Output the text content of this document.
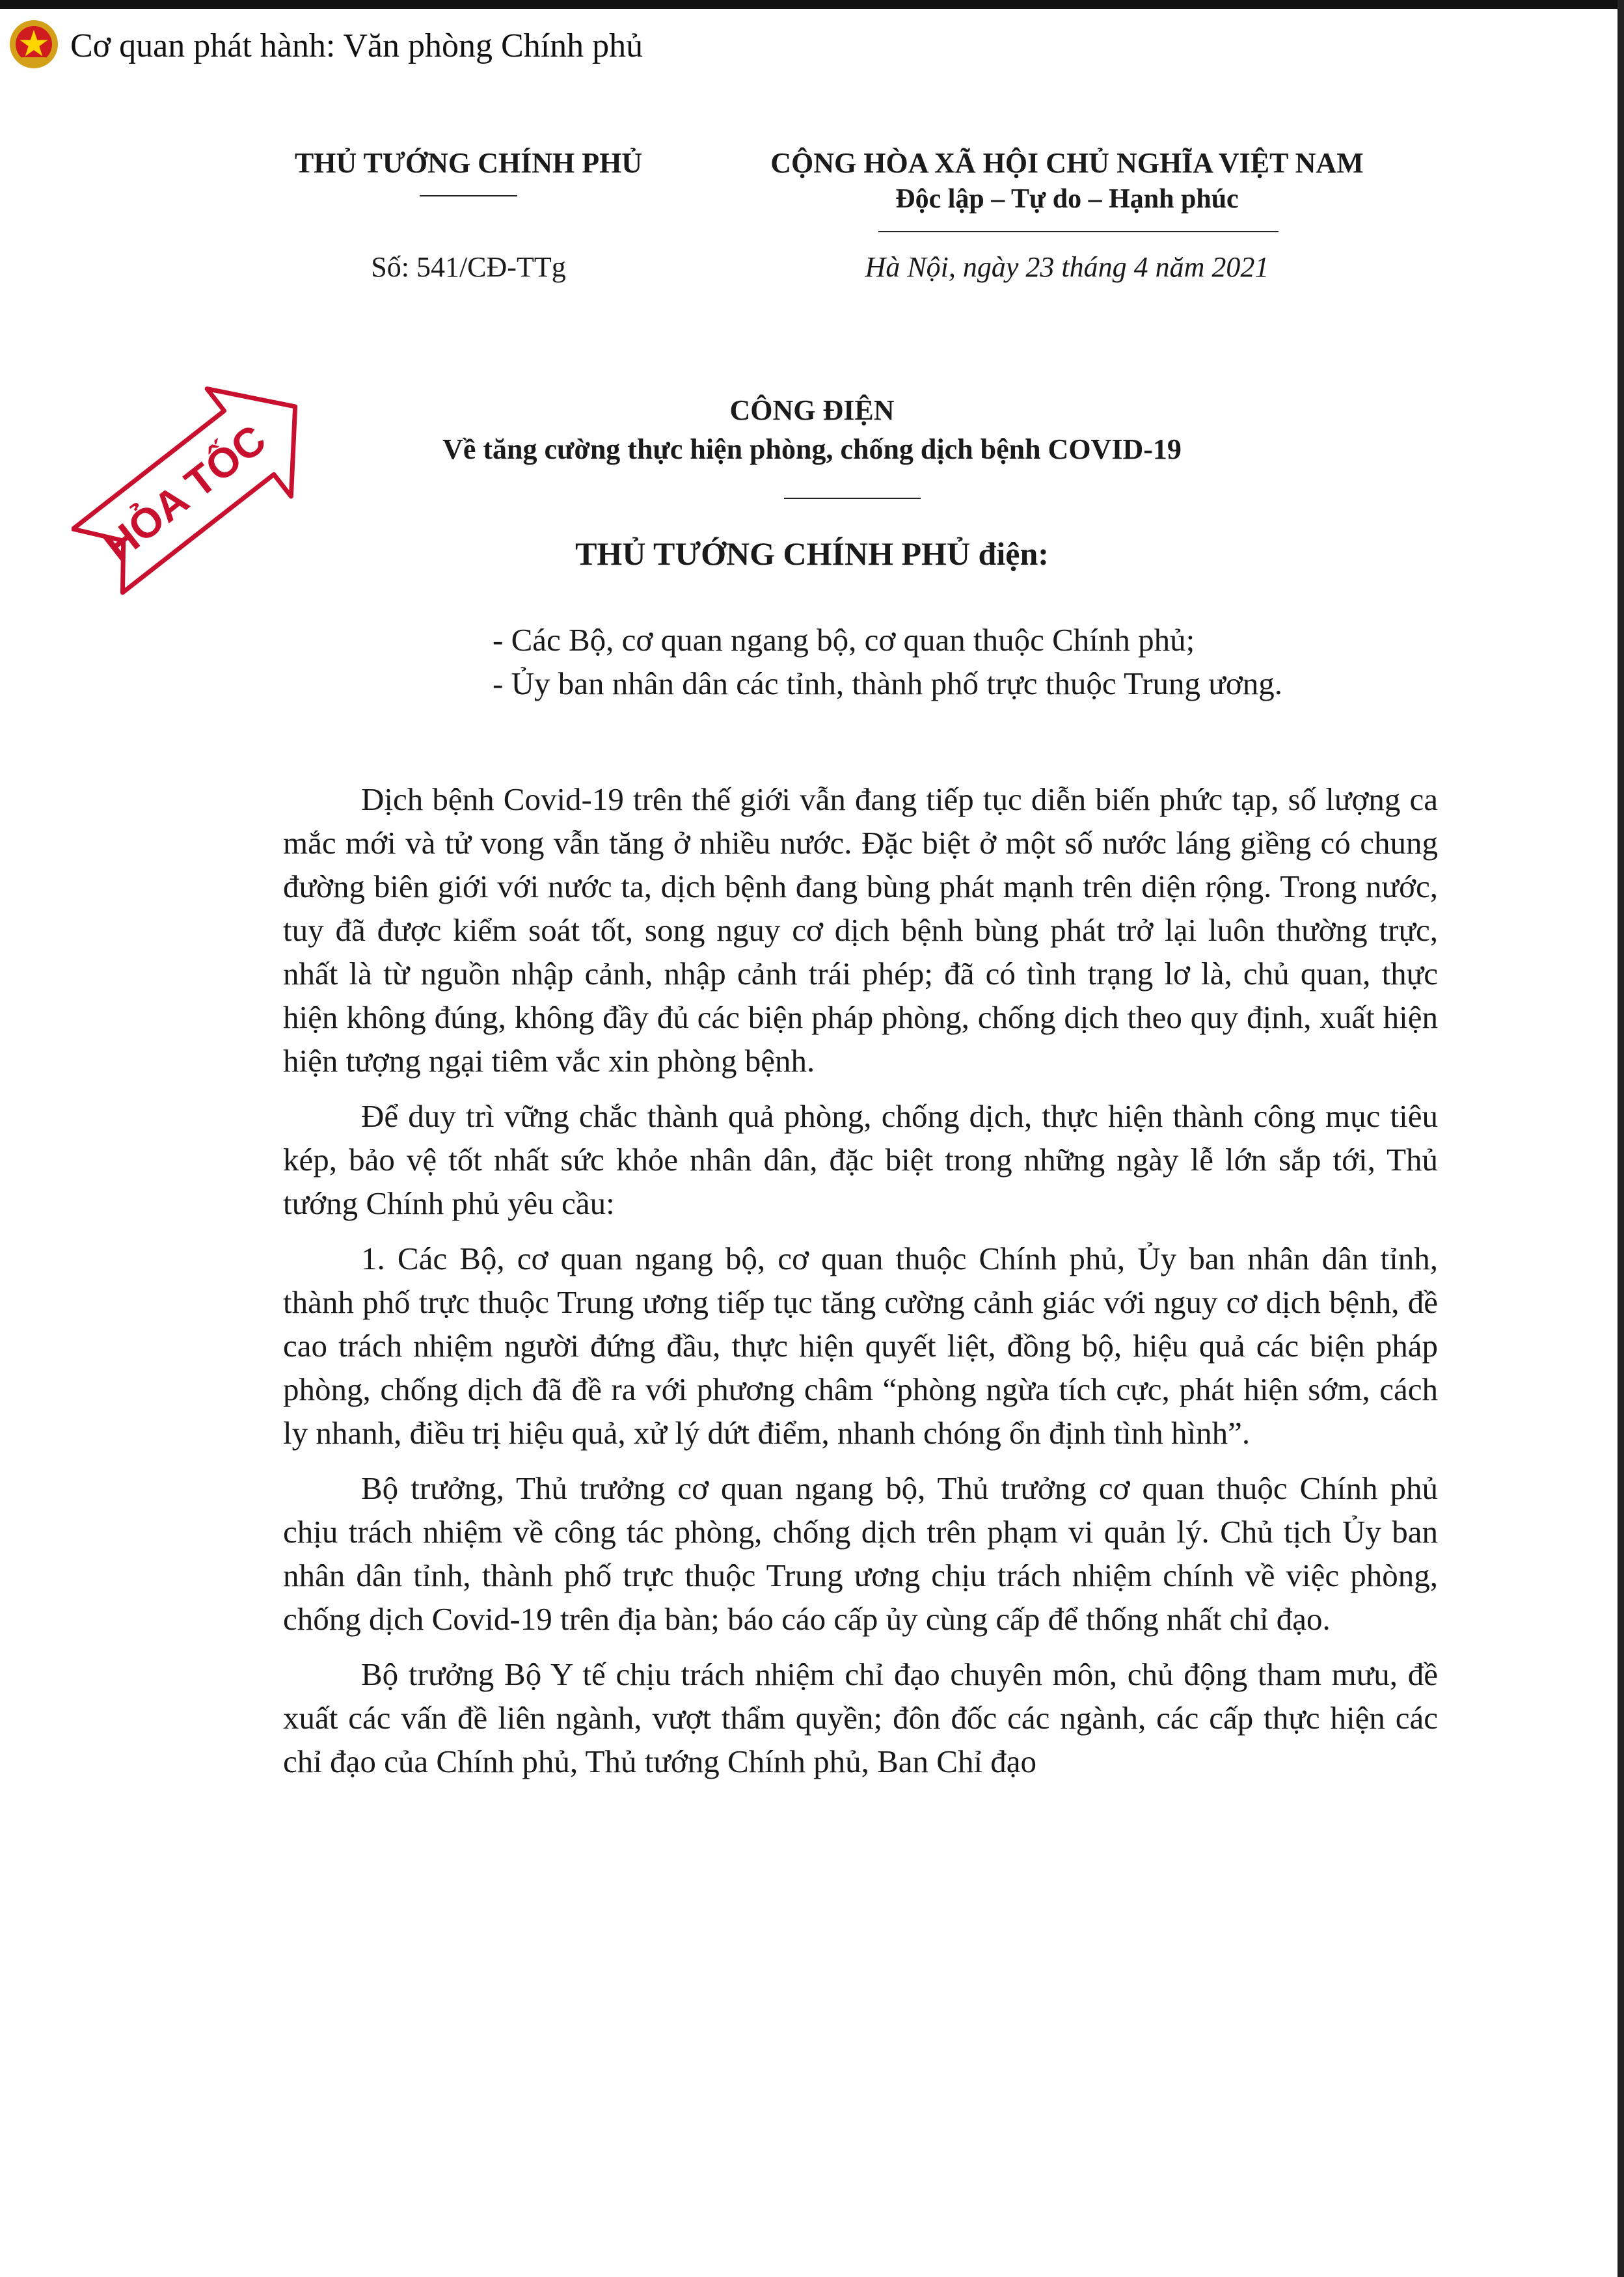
Cơ quan phát hành: Văn phòng Chính phủ
THỦ TƯỚNG CHÍNH PHỦ
Số: 541/CĐ-TTg
CỘNG HÒA XÃ HỘI CHỦ NGHĨA VIỆT NAM
Độc lập – Tự do – Hạnh phúc
Hà Nội, ngày 23 tháng 4 năm 2021
HỎA TỐC
CÔNG ĐIỆN
Về tăng cường thực hiện phòng, chống dịch bệnh COVID-19
THỦ TƯỚNG CHÍNH PHỦ điện:
- Các Bộ, cơ quan ngang bộ, cơ quan thuộc Chính phủ;
- Ủy ban nhân dân các tỉnh, thành phố trực thuộc Trung ương.

Dịch bệnh Covid-19 trên thế giới vẫn đang tiếp tục diễn biến phức tạp, số lượng ca mắc mới và tử vong vẫn tăng ở nhiều nước. Đặc biệt ở một số nước láng giềng có chung đường biên giới với nước ta, dịch bệnh đang bùng phát mạnh trên diện rộng. Trong nước, tuy đã được kiểm soát tốt, song nguy cơ dịch bệnh bùng phát trở lại luôn thường trực, nhất là từ nguồn nhập cảnh, nhập cảnh trái phép; đã có tình trạng lơ là, chủ quan, thực hiện không đúng, không đầy đủ các biện pháp phòng, chống dịch theo quy định, xuất hiện hiện tượng ngại tiêm vắc xin phòng bệnh.

Để duy trì vững chắc thành quả phòng, chống dịch, thực hiện thành công mục tiêu kép, bảo vệ tốt nhất sức khỏe nhân dân, đặc biệt trong những ngày lễ lớn sắp tới, Thủ tướng Chính phủ yêu cầu:

1. Các Bộ, cơ quan ngang bộ, cơ quan thuộc Chính phủ, Ủy ban nhân dân tỉnh, thành phố trực thuộc Trung ương tiếp tục tăng cường cảnh giác với nguy cơ dịch bệnh, đề cao trách nhiệm người đứng đầu, thực hiện quyết liệt, đồng bộ, hiệu quả các biện pháp phòng, chống dịch đã đề ra với phương châm “phòng ngừa tích cực, phát hiện sớm, cách ly nhanh, điều trị hiệu quả, xử lý dứt điểm, nhanh chóng ổn định tình hình”.

Bộ trưởng, Thủ trưởng cơ quan ngang bộ, Thủ trưởng cơ quan thuộc Chính phủ chịu trách nhiệm về công tác phòng, chống dịch trên phạm vi quản lý. Chủ tịch Ủy ban nhân dân tỉnh, thành phố trực thuộc Trung ương chịu trách nhiệm chính về việc phòng, chống dịch Covid-19 trên địa bàn; báo cáo cấp ủy cùng cấp để thống nhất chỉ đạo.

Bộ trưởng Bộ Y tế chịu trách nhiệm chỉ đạo chuyên môn, chủ động tham mưu, đề xuất các vấn đề liên ngành, vượt thẩm quyền; đôn đốc các ngành, các cấp thực hiện các chỉ đạo của Chính phủ, Thủ tướng Chính phủ, Ban Chỉ đạo
